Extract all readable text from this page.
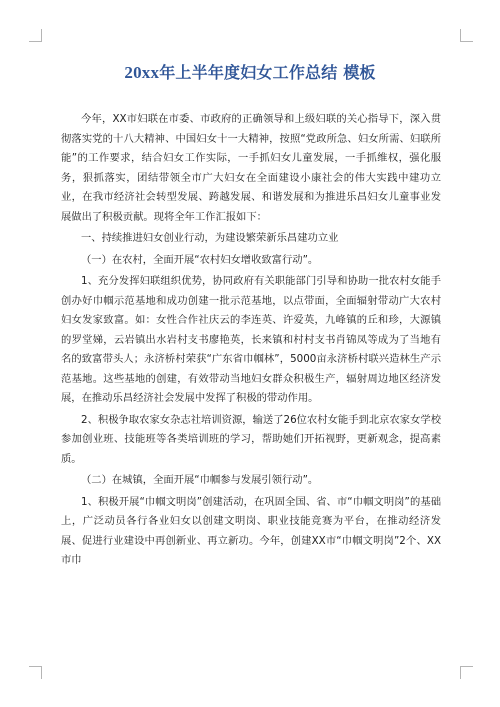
20xx年上半年度妇女工作总结 模板

今年，XX市妇联在市委、市政府的正确领导和上级妇联的关心指导下，深入贯彻落实党的十八大精神、中国妇女十一大精神，按照“党政所急、妇女所需、妇联所能”的工作要求，结合妇女工作实际，一手抓妇女儿童发展，一手抓维权，强化服务，狠抓落实，团结带领全市广大妇女在全面建设小康社会的伟大实践中建功立业，在我市经济社会转型发展、跨越发展、和谐发展和为推进乐昌妇女儿童事业发展做出了积极贡献。现将全年工作汇报如下：

一、持续推进妇女创业行动，为建设繁荣新乐昌建功立业

（一）在农村，全面开展“农村妇女增收致富行动”。

1、充分发挥妇联组织优势，协同政府有关职能部门引导和协助一批农村女能手创办好巾帼示范基地和成功创建一批示范基地，以点带面，全面辐射带动广大农村妇女发家致富。如：女性合作社庆云的李连英、许爱英，九峰镇的丘和珍，大源镇的罗堂娣，云岩镇出水岩村支书廖艳英，长来镇和村村支书肖锦凤等成为了当地有名的致富带头人；永济桥村荣获“广东省巾帼林”，5000亩永济桥村联兴造林生产示范基地。这些基地的创建，有效带动当地妇女群众积极生产，辐射周边地区经济发展，在推动乐昌经济社会发展中发挥了积极的带动作用。

2、积极争取农家女杂志社培训资源，输送了26位农村女能手到北京农家女学校参加创业班、技能班等各类培训班的学习，帮助她们开拓视野，更新观念，提高素质。

（二）在城镇，全面开展“巾帼参与发展引领行动”。

1、积极开展“巾帼文明岗”创建活动，在巩固全国、省、市“巾帼文明岗”的基础上，广泛动员各行各业妇女以创建文明岗、职业技能竞赛为平台，在推动经济发展、促进行业建设中再创新业、再立新功。今年，创建XX市“巾帼文明岗”2个、XX市巾
